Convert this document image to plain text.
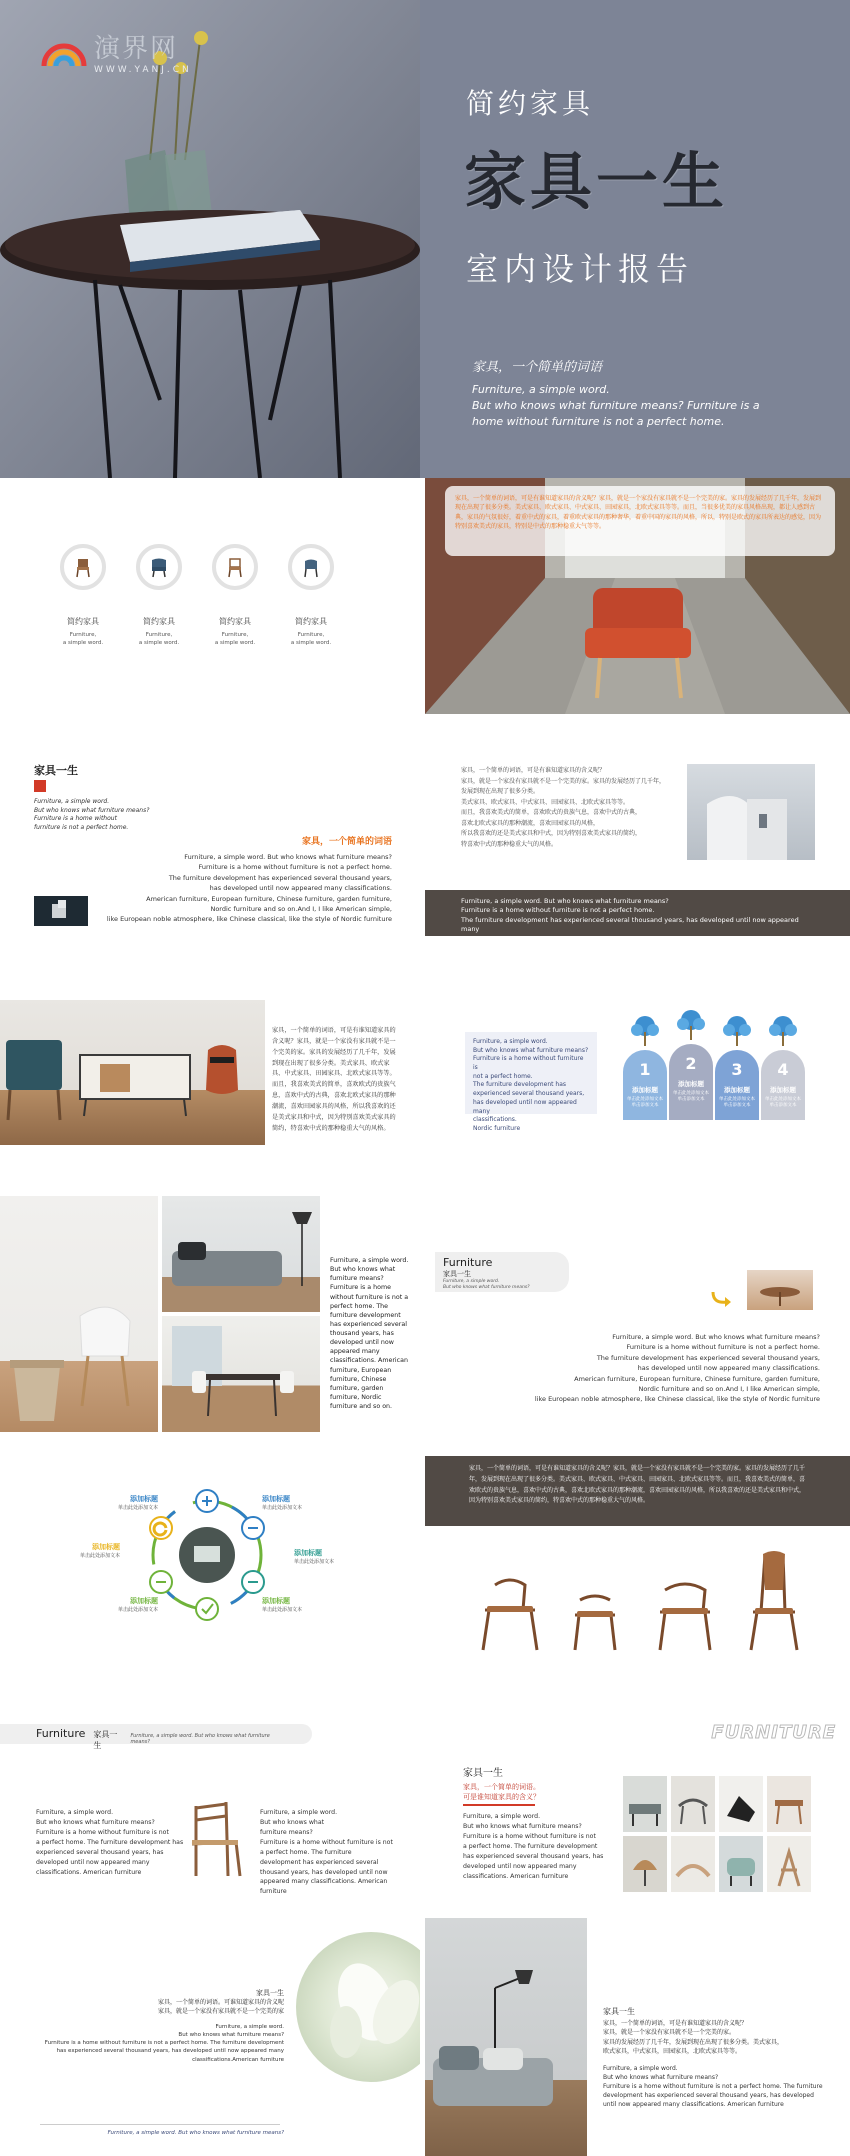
演界网
WWW.YANJ.CN
简约家具
家具一生
室内设计报告
家具，一个简单的词语
Furniture, a simple word.
But who knows what furniture means? Furniture is a
home without furniture is not a perfect home.
简约家具
Furniture,
a simple word.
简约家具
Furniture,
a simple word.
简约家具
Furniture,
a simple word.
简约家具
Furniture,
a simple word.
家具，一个简单的词语，可是有谁知道家具的含义呢？家具，就是一个家没有家具就不是一个完美的家。家具的发展经历了几千年，发展到现在出现了很多分类。美式家具、欧式家具、中式家具、田园家具，北欧式家具等等。而且，当很多优美的家具风格出现，都让人感到古典，家具的气氛很好，着重中式的家具，着重欧式家具的那种奢华，着重中国的家具的风格，所以，特别是欧式的家具所表达的感觉，因为特别喜欢美式的家具，特别是中式的那种稳重大气等等。
家具一生
Furniture, a simple word.
But who knows what furniture means?
Furniture is a home without
furniture is not a perfect home.
家具，一个简单的词语
Furniture, a simple word. But who knows what furniture means?
Furniture is a home without furniture is not a perfect home.
The furniture development has experienced several thousand years,
has developed until now appeared many classifications.
American furniture, European furniture, Chinese furniture, garden furniture,
Nordic furniture and so on.And I, I like American simple,
like European noble atmosphere, like Chinese classical, like the style of Nordic furniture
家具，一个简单的词语，可是有谁知道家具的含义呢？
家具，就是一个家没有家具就不是一个完美的家。家具的发展经历了几千年，
发展到现在出现了很多分类。
美式家具、欧式家具、中式家具、田园家具、北欧式家具等等。
而且，我喜欢美式的简单，喜欢欧式的贵族气息，喜欢中式的古典，
喜欢北欧式家具的那种潮流，喜欢田园家具的风格，
所以我喜欢的还是美式家具和中式，因为特别喜欢美式家具的简约，
特喜欢中式的那种稳重大气的风格。
Furniture, a simple word. But who knows what furniture means?
Furniture is a home without furniture is not a perfect home.
The furniture development has experienced several thousand years, has developed until now appeared many
classifications. Nordic furniture
家具，一个简单的词语，可是有谁知道家具的含义呢？家具，就是一个家没有家具就不是一个完美的家。家具的发展经历了几千年，发展到现在出现了很多分类。美式家具、欧式家具、中式家具、田园家具、北欧式家具等等。而且，我喜欢美式的简单，喜欢欧式的贵族气息，喜欢中式的古典，喜欢北欧式家具的那种潮流，喜欢田园家具的风格，所以我喜欢的还是美式家具和中式，因为特别喜欢美式家具的简约，特喜欢中式的那种稳重大气的风格。
Furniture, a simple word.
But who knows what furniture means?
Furniture is a home without furniture is
not a perfect home.
The furniture development has
experienced several thousand years,
has developed until now appeared many
classifications.
Nordic furniture
1
添加标题
单击此处添加文本单击添加文本
2
添加标题
单击此处添加文本单击添加文本
3
添加标题
单击此处添加文本单击添加文本
4
添加标题
单击此处添加文本单击添加文本
Furniture, a simple word. But who knows what furniture means?Furniture is a home without furniture is not a perfect home. The furniture development has experienced several thousand years, has developed until now appeared many classifications. American furniture, European furniture, Chinese furniture, garden furniture, Nordic furniture and so on.
Furniture
家具一生
Furniture, a simple word.
But who knows what furniture means?
Furniture, a simple word. But who knows what furniture means?
Furniture is a home without furniture is not a perfect home.
The furniture development has experienced several thousand years,
has developed until now appeared many classifications.
American furniture, European furniture, Chinese furniture, garden furniture,
Nordic furniture and so on.And I, I like American simple,
like European noble atmosphere, like Chinese classical, like the style of Nordic furniture
添加标题
单击此处添加文本
添加标题
单击此处添加文本
添加标题
单击此处添加文本	添加标题
单击此处添加文本
添加标题
单击此处添加文本
添加标题
单击此处添加文本
家具，一个简单的词语，可是有谁知道家具的含义呢？家具，就是一个家没有家具就不是一个完美的家。家具的发展经历了几千年，发展到现在出现了很多分类。美式家具、欧式家具、中式家具、田园家具、北欧式家具等等。而且，我喜欢美式的简单，喜欢欧式的贵族气息，喜欢中式的古典，喜欢北欧式家具的那种潮流，喜欢田园家具的风格，所以我喜欢的还是美式家具和中式，因为特别喜欢美式家具的简约，特喜欢中式的那种稳重大气的风格。
Furniture 家具一生
Furniture, a simple word. But who knows what furniture means?
Furniture, a simple word.
But who knows what furniture means?
Furniture is a home without furniture is not
a perfect home. The furniture development has
experienced several thousand years, has
developed until now appeared many
classifications. American furniture
Furniture, a simple word.
But who knows what
furniture means?
Furniture is a home without furniture is not
a perfect home. The furniture
development has experienced several
thousand years, has developed until now
appeared many classifications. American
furniture
FURNITURE
家具一生
家具，一个简单的词语。
可是谁知道家具的含义？
Furniture, a simple word.
But who knows what furniture means?
Furniture is a home without furniture is not
a perfect home. The furniture development
has experienced several thousand years, has
developed until now appeared many
classifications. American furniture
家具一生
家具，一个简单的词语。可谁知道家具的含义呢
家具，就是一个家没有家具就不是一个完美的家
Furniture, a simple word.
But who knows what furniture means?
Furniture is a home without furniture is not a perfect home. The furniture development
has experienced several thousand years, has developed until now appeared many
classifications.American furniture
Furniture, a simple word. But who knows what furniture means?
家具一生
家具，一个简单的词语，可是有谁知道家具的含义呢？
家具，就是一个家没有家具就不是一个完美的家。
家具的发展经历了几千年，发展到现在出现了很多分类。美式家具，
欧式家具，中式家具，田园家具，北欧式家具等等。
Furniture, a simple word.
But who knows what furniture means?
Furniture is a home without furniture is not a perfect home. The furniture
development has experienced several thousand years, has developed
until now appeared many classifications. American furniture
